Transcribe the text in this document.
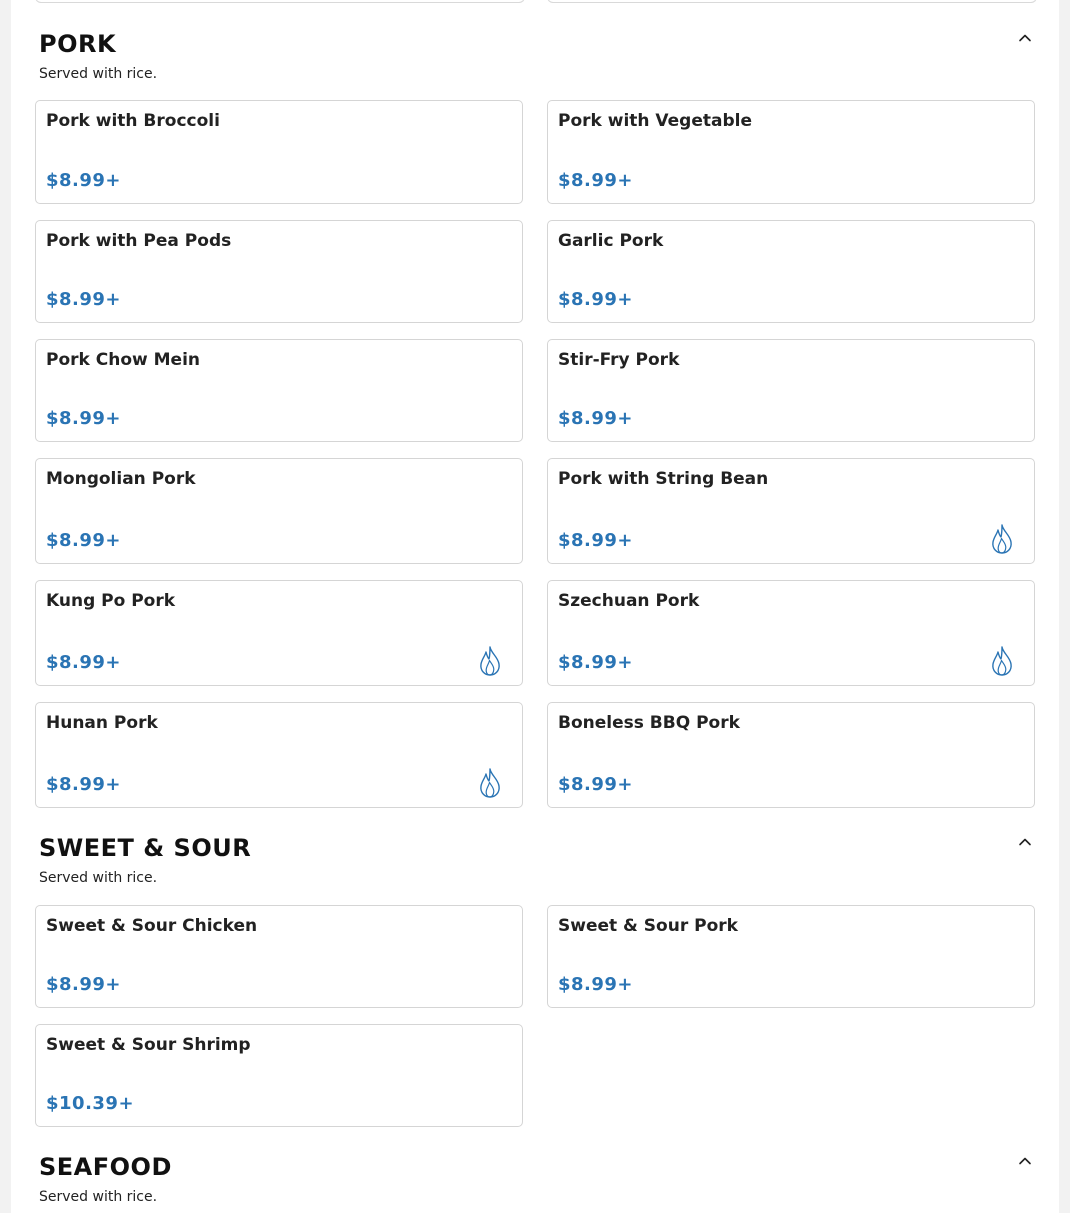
PORK
Served with rice.
Pork with Broccoli
$8.99+
Pork with Vegetable
$8.99+
Pork with Pea Pods
$8.99+
Garlic Pork
$8.99+
Pork Chow Mein
$8.99+
Stir-Fry Pork
$8.99+
Mongolian Pork
$8.99+
Pork with String Bean
$8.99+
Kung Po Pork
$8.99+
Szechuan Pork
$8.99+
Hunan Pork
$8.99+
Boneless BBQ Pork
$8.99+
SWEET & SOUR
Served with rice.
Sweet & Sour Chicken
$8.99+
Sweet & Sour Pork
$8.99+
Sweet & Sour Shrimp
$10.39+
SEAFOOD
Served with rice.
